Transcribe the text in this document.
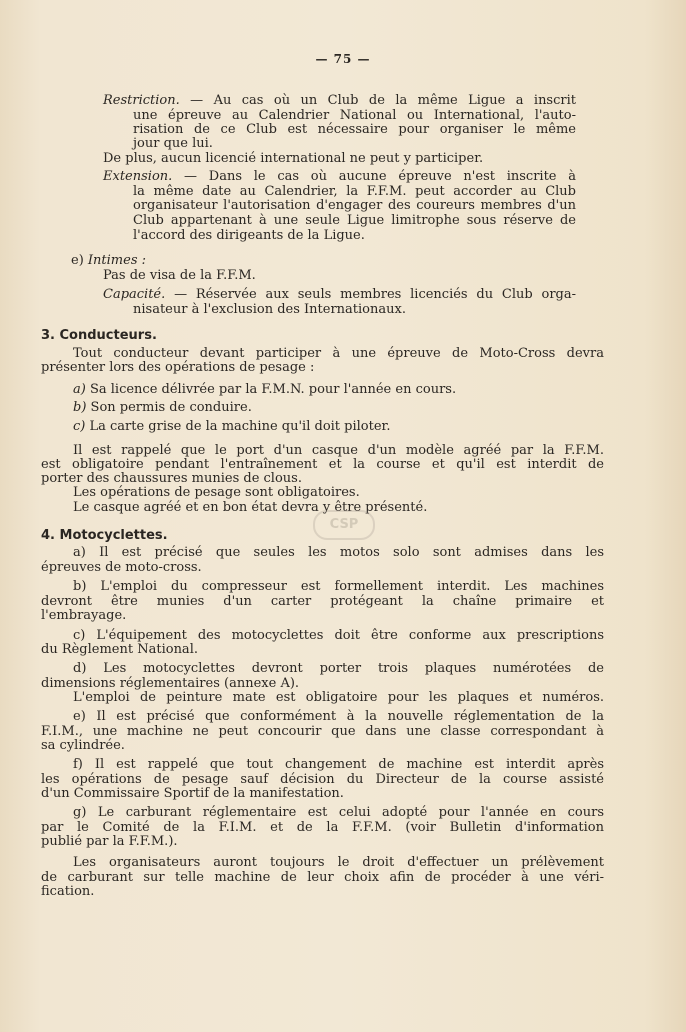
— 75 —
Restriction. — Au cas où un Club de la même Ligue a inscrit
une épreuve au Calendrier National ou International, l'auto-
risation de ce Club est nécessaire pour organiser le même
jour que lui.
De plus, aucun licencié international ne peut y participer.
Extension. — Dans le cas où aucune épreuve n'est inscrite à
la même date au Calendrier, la F.F.M. peut accorder au Club
organisateur l'autorisation d'engager des coureurs membres d'un
Club appartenant à une seule Ligue limitrophe sous réserve de
l'accord des dirigeants de la Ligue.
e) Intimes :
Pas de visa de la F.F.M.
Capacité. — Réservée aux seuls membres licenciés du Club orga-
nisateur à l'exclusion des Internationaux.
3. Conducteurs.
Tout conducteur devant participer à une épreuve de Moto-Cross devra
présenter lors des opérations de pesage :
a) Sa licence délivrée par la F.M.N. pour l'année en cours.
b) Son permis de conduire.
c) La carte grise de la machine qu'il doit piloter.
Il est rappelé que le port d'un casque d'un modèle agréé par la F.F.M.
est obligatoire pendant l'entraînement et la course et qu'il est interdit de
porter des chaussures munies de clous.
Les opérations de pesage sont obligatoires.
Le casque agréé et en bon état devra y être présenté.
CSP
4. Motocyclettes.
a) Il est précisé que seules les motos solo sont admises dans les
épreuves de moto-cross.
b) L'emploi du compresseur est formellement interdit. Les machines
devront être munies d'un carter protégeant la chaîne primaire et
l'embrayage.
c) L'équipement des motocyclettes doit être conforme aux prescriptions
du Règlement National.
d) Les motocyclettes devront porter trois plaques numérotées de
dimensions réglementaires (annexe A).
L'emploi de peinture mate est obligatoire pour les plaques et numéros.
e) Il est précisé que conformément à la nouvelle réglementation de la
F.I.M., une machine ne peut concourir que dans une classe correspondant à
sa cylindrée.
f) Il est rappelé que tout changement de machine est interdit après
les opérations de pesage sauf décision du Directeur de la course assisté
d'un Commissaire Sportif de la manifestation.
g) Le carburant réglementaire est celui adopté pour l'année en cours
par le Comité de la F.I.M. et de la F.F.M. (voir Bulletin d'information
publié par la F.F.M.).
Les organisateurs auront toujours le droit d'effectuer un prélèvement
de carburant sur telle machine de leur choix afin de procéder à une véri-
fication.
